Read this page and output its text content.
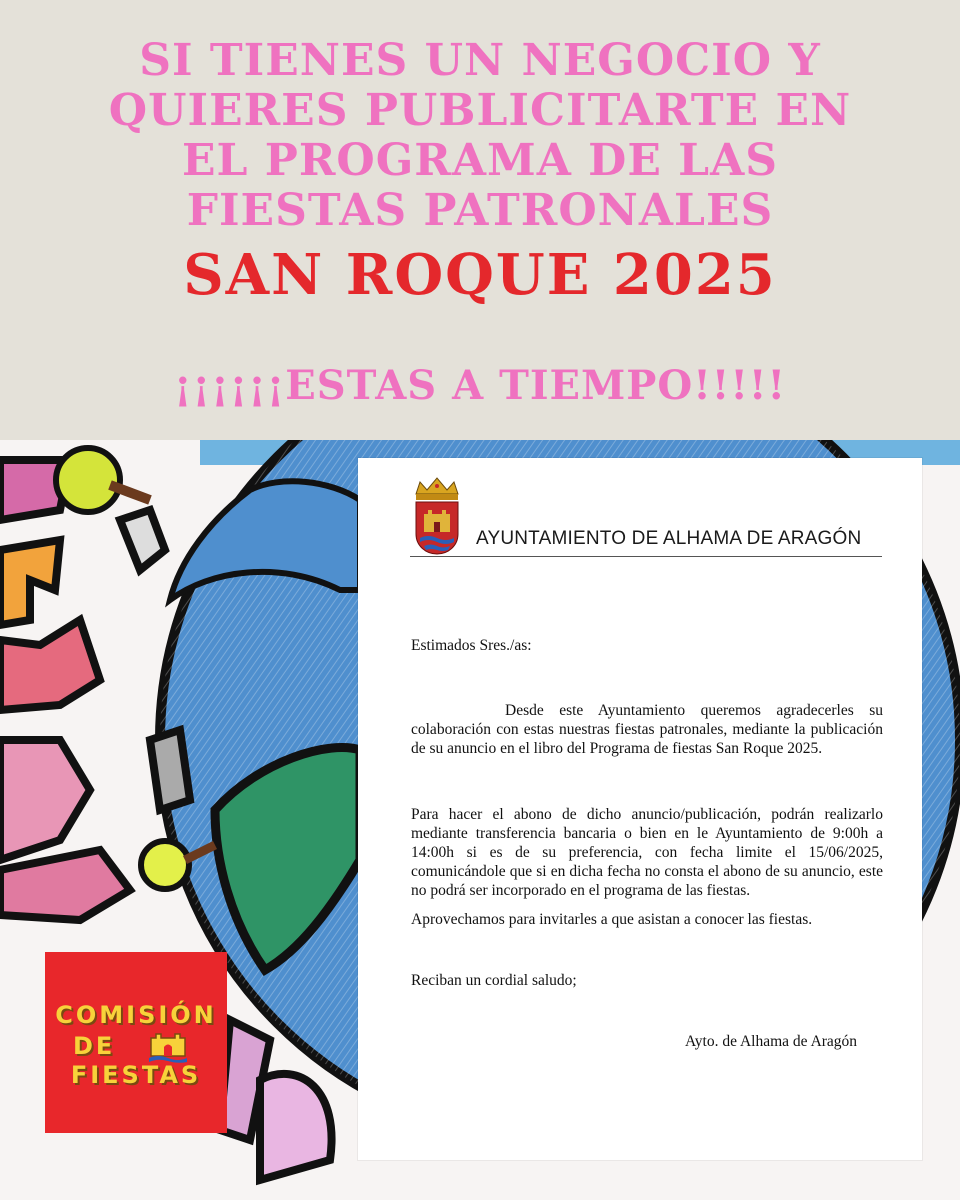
SI TIENES UN NEGOCIO Y
QUIERES PUBLICITARTE EN
EL PROGRAMA DE LAS
FIESTAS PATRONALES
SAN ROQUE 2025

¡¡¡¡¡¡ESTAS A TIEMPO!!!!!

AYUNTAMIENTO DE ALHAMA DE ARAGÓN

Estimados Sres./as:

Desde este Ayuntamiento queremos agradecerles su colaboración con estas nuestras fiestas patronales, mediante la publicación de su anuncio en el libro del Programa de fiestas San Roque 2025.

Para hacer el abono de dicho anuncio/publicación, podrán realizarlo mediante transferencia bancaria o bien en le Ayuntamiento de 9:00h a 14:00h si es de su preferencia, con fecha limite el 15/06/2025, comunicándole que si en dicha fecha no consta el abono de su anuncio, este no podrá ser incorporado en el programa de las fiestas.

Aprovechamos para invitarles a que asistan a conocer las fiestas.

Reciban un cordial saludo;

Ayto. de Alhama de Aragón

COMISIÓN

DE

FIESTAS
